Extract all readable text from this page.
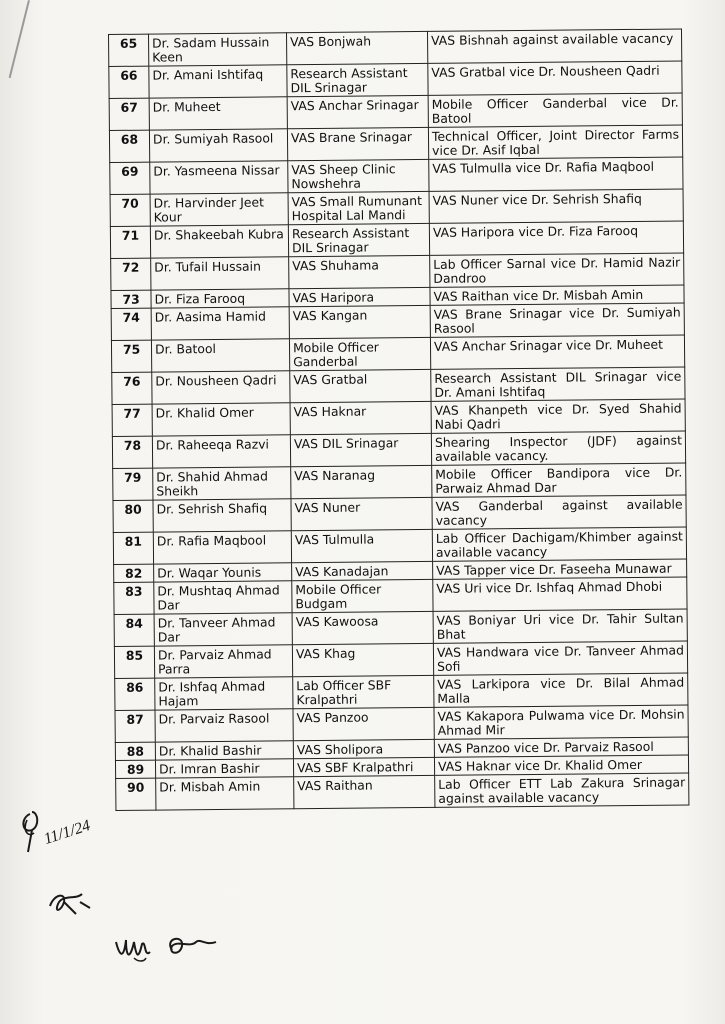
65	Dr. Sadam Hussain Keen	VAS Bonjwah	VAS Bishnah against available vacancy
66	Dr. Amani Ishtifaq	Research Assistant DIL Srinagar	VAS Gratbal vice Dr. Nousheen Qadri
67	Dr. Muheet	VAS Anchar Srinagar	Mobile Officer Ganderbal vice Dr. Batool
68	Dr. Sumiyah Rasool	VAS Brane Srinagar	Technical Officer, Joint Director Farms vice Dr. Asif Iqbal
69	Dr. Yasmeena Nissar	VAS Sheep Clinic Nowshehra	VAS Tulmulla vice Dr. Rafia Maqbool
70	Dr. Harvinder Jeet Kour	VAS Small Rumunant Hospital Lal Mandi	VAS Nuner vice Dr. Sehrish Shafiq
71	Dr. Shakeebah Kubra	Research Assistant DIL Srinagar	VAS Haripora vice Dr. Fiza Farooq
72	Dr. Tufail Hussain	VAS Shuhama	Lab Officer Sarnal vice Dr. Hamid Nazir Dandroo
73	Dr. Fiza Farooq	VAS Haripora	VAS Raithan vice Dr. Misbah Amin
74	Dr. Aasima Hamid	VAS Kangan	VAS Brane Srinagar vice Dr. Sumiyah Rasool
75	Dr. Batool	Mobile Officer Ganderbal	VAS Anchar Srinagar vice Dr. Muheet
76	Dr. Nousheen Qadri	VAS Gratbal	Research Assistant DIL Srinagar vice Dr. Amani Ishtifaq
77	Dr. Khalid Omer	VAS Haknar	VAS Khanpeth vice Dr. Syed Shahid Nabi Qadri
78	Dr. Raheeqa Razvi	VAS DIL Srinagar	Shearing Inspector (JDF) against available vacancy.
79	Dr. Shahid Ahmad Sheikh	VAS Naranag	Mobile Officer Bandipora vice Dr. Parwaiz Ahmad Dar
80	Dr. Sehrish Shafiq	VAS Nuner	VAS Ganderbal against available vacancy
81	Dr. Rafia Maqbool	VAS Tulmulla	Lab Officer Dachigam/Khimber against available vacancy
82	Dr. Waqar Younis	VAS Kanadajan	VAS Tapper vice Dr. Faseeha Munawar
83	Dr. Mushtaq Ahmad Dar	Mobile Officer Budgam	VAS Uri vice Dr. Ishfaq Ahmad Dhobi
84	Dr. Tanveer Ahmad Dar	VAS Kawoosa	VAS Boniyar Uri vice Dr. Tahir Sultan Bhat
85	Dr. Parvaiz Ahmad Parra	VAS Khag	VAS Handwara vice Dr. Tanveer Ahmad Sofi
86	Dr. Ishfaq Ahmad Hajam	Lab Officer SBF Kralpathri	VAS Larkipora vice Dr. Bilal Ahmad Malla
87	Dr. Parvaiz Rasool	VAS Panzoo	VAS Kakapora Pulwama vice Dr. Mohsin Ahmad Mir
88	Dr. Khalid Bashir	VAS Sholipora	VAS Panzoo vice Dr. Parvaiz Rasool
89	Dr. Imran Bashir	VAS SBF Kralpathri	VAS Haknar vice Dr. Khalid Omer
90	Dr. Misbah Amin	VAS Raithan	Lab Officer ETT Lab Zakura Srinagar against available vacancy
11/1/24
